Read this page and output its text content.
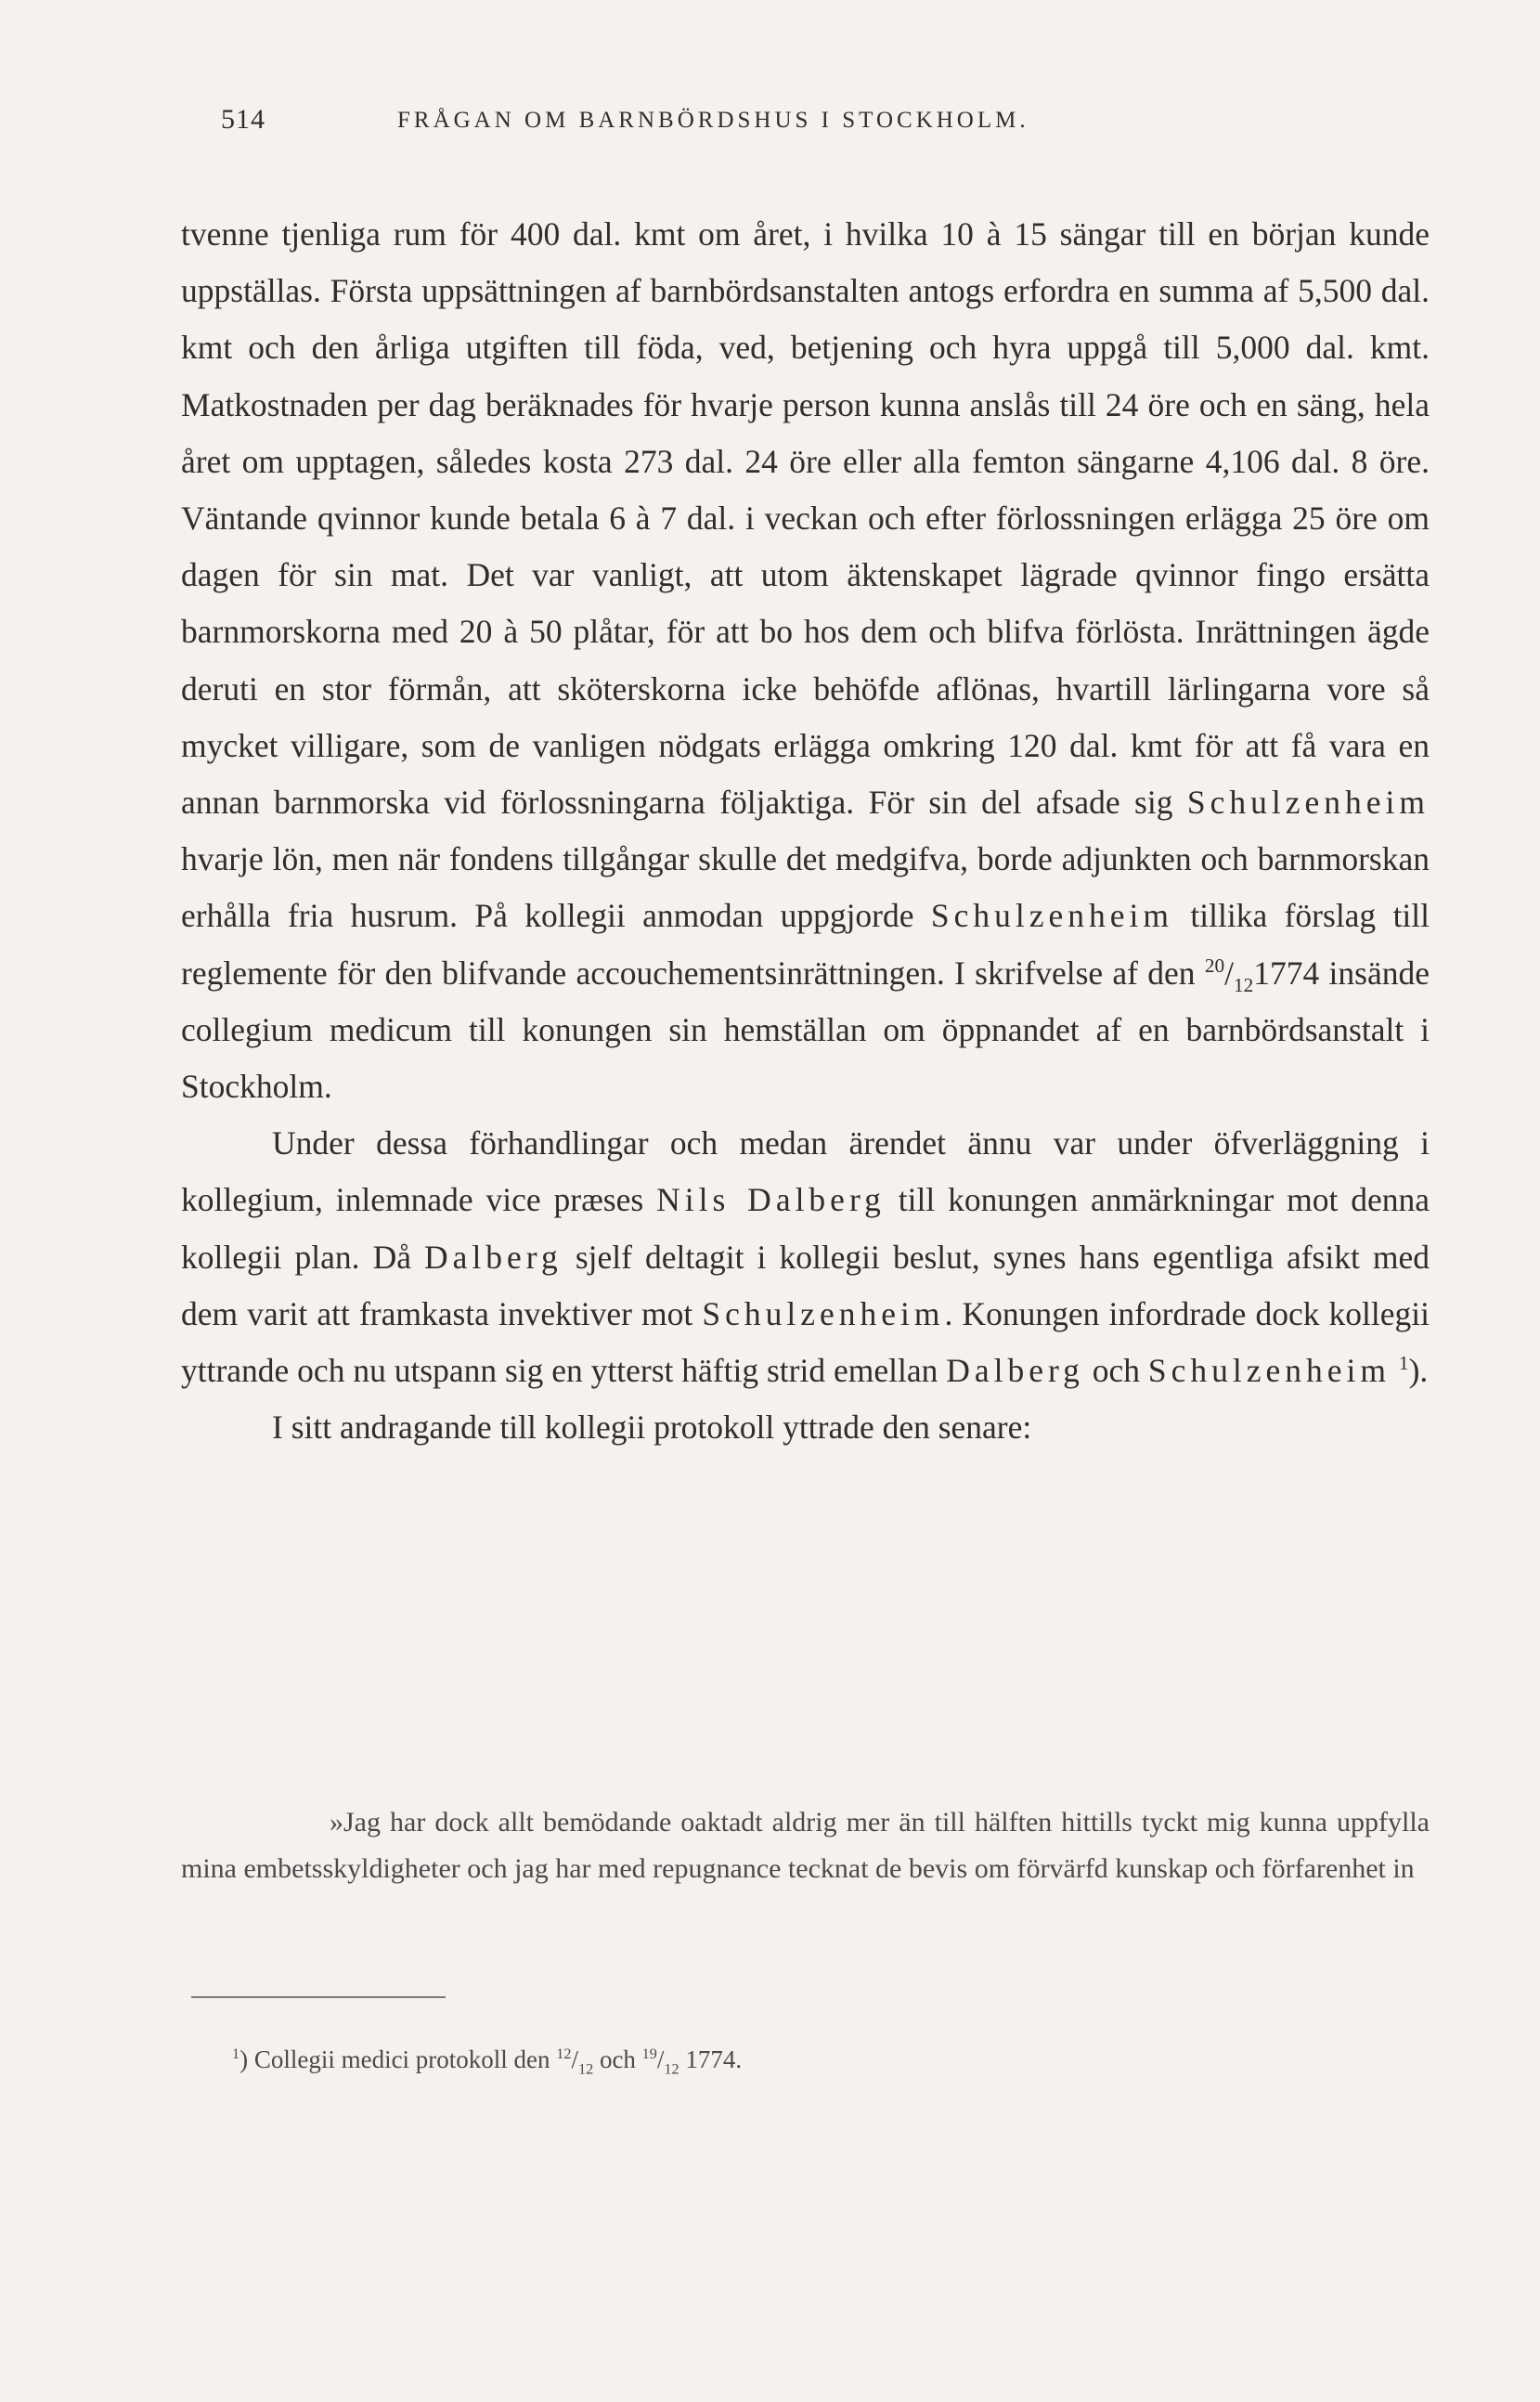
514	FRÅGAN OM BARNBÖRDSHUS I STOCKHOLM.

tvenne tjenliga rum för 400 dal. kmt om året, i hvilka 10 à 15 sängar till en början kunde uppställas. Första uppsättningen af barnbördsanstalten antogs erfordra en summa af 5,500 dal. kmt och den årliga utgiften till föda, ved, betjening och hyra uppgå till 5,000 dal. kmt. Matkostnaden per dag beräknades för hvarje person kunna anslås till 24 öre och en säng, hela året om upptagen, således kosta 273 dal. 24 öre eller alla femton sängarne 4,106 dal. 8 öre. Väntande qvinnor kunde betala 6 à 7 dal. i veckan och efter förlossningen erlägga 25 öre om dagen för sin mat. Det var vanligt, att utom äktenskapet lägrade qvinnor fingo ersätta barnmorskorna med 20 à 50 plåtar, för att bo hos dem och blifva förlösta. Inrättningen ägde deruti en stor förmån, att sköterskorna icke behöfde aflönas, hvartill lärlingarna vore så mycket villigare, som de vanligen nödgats erlägga omkring 120 dal. kmt för att få vara en annan barnmorska vid förlossningarna följaktiga. För sin del afsade sig Schulzenheim hvarje lön, men när fondens tillgångar skulle det medgifva, borde adjunkten och barnmorskan erhålla fria husrum. På kollegii anmodan uppgjorde Schulzenheim tillika förslag till reglemente för den blifvande accouchementsinrättningen. I skrifvelse af den $^{20}/_{12}1774$ insände collegium medicum till konungen sin hemställan om öppnandet af en barnbördsanstalt i Stockholm.

Under dessa förhandlingar och medan ärendet ännu var under öfverläggning i kollegium, inlemnade vice præses Nils Dalberg till konungen anmärkningar mot denna kollegii plan. Då Dalberg sjelf deltagit i kollegii beslut, synes hans egentliga afsikt med dem varit att framkasta invektiver mot Schulzenheim. Konungen infordrade dock kollegii yttrande och nu utspann sig en ytterst häftig strid emellan Dalberg och Schulzenheim $^1$).

I sitt andragande till kollegii protokoll yttrade den senare:

»Jag har dock allt bemödande oaktadt aldrig mer än till hälften hittills tyckt mig kunna uppfylla mina embetsskyldigheter och jag har med repugnance tecknat de bevis om förvärfd kunskap och förfarenhet in

$^1$) Collegii medici protokoll den $^{12}/_{12}$ och $^{19}/_{12}$ 1774.
